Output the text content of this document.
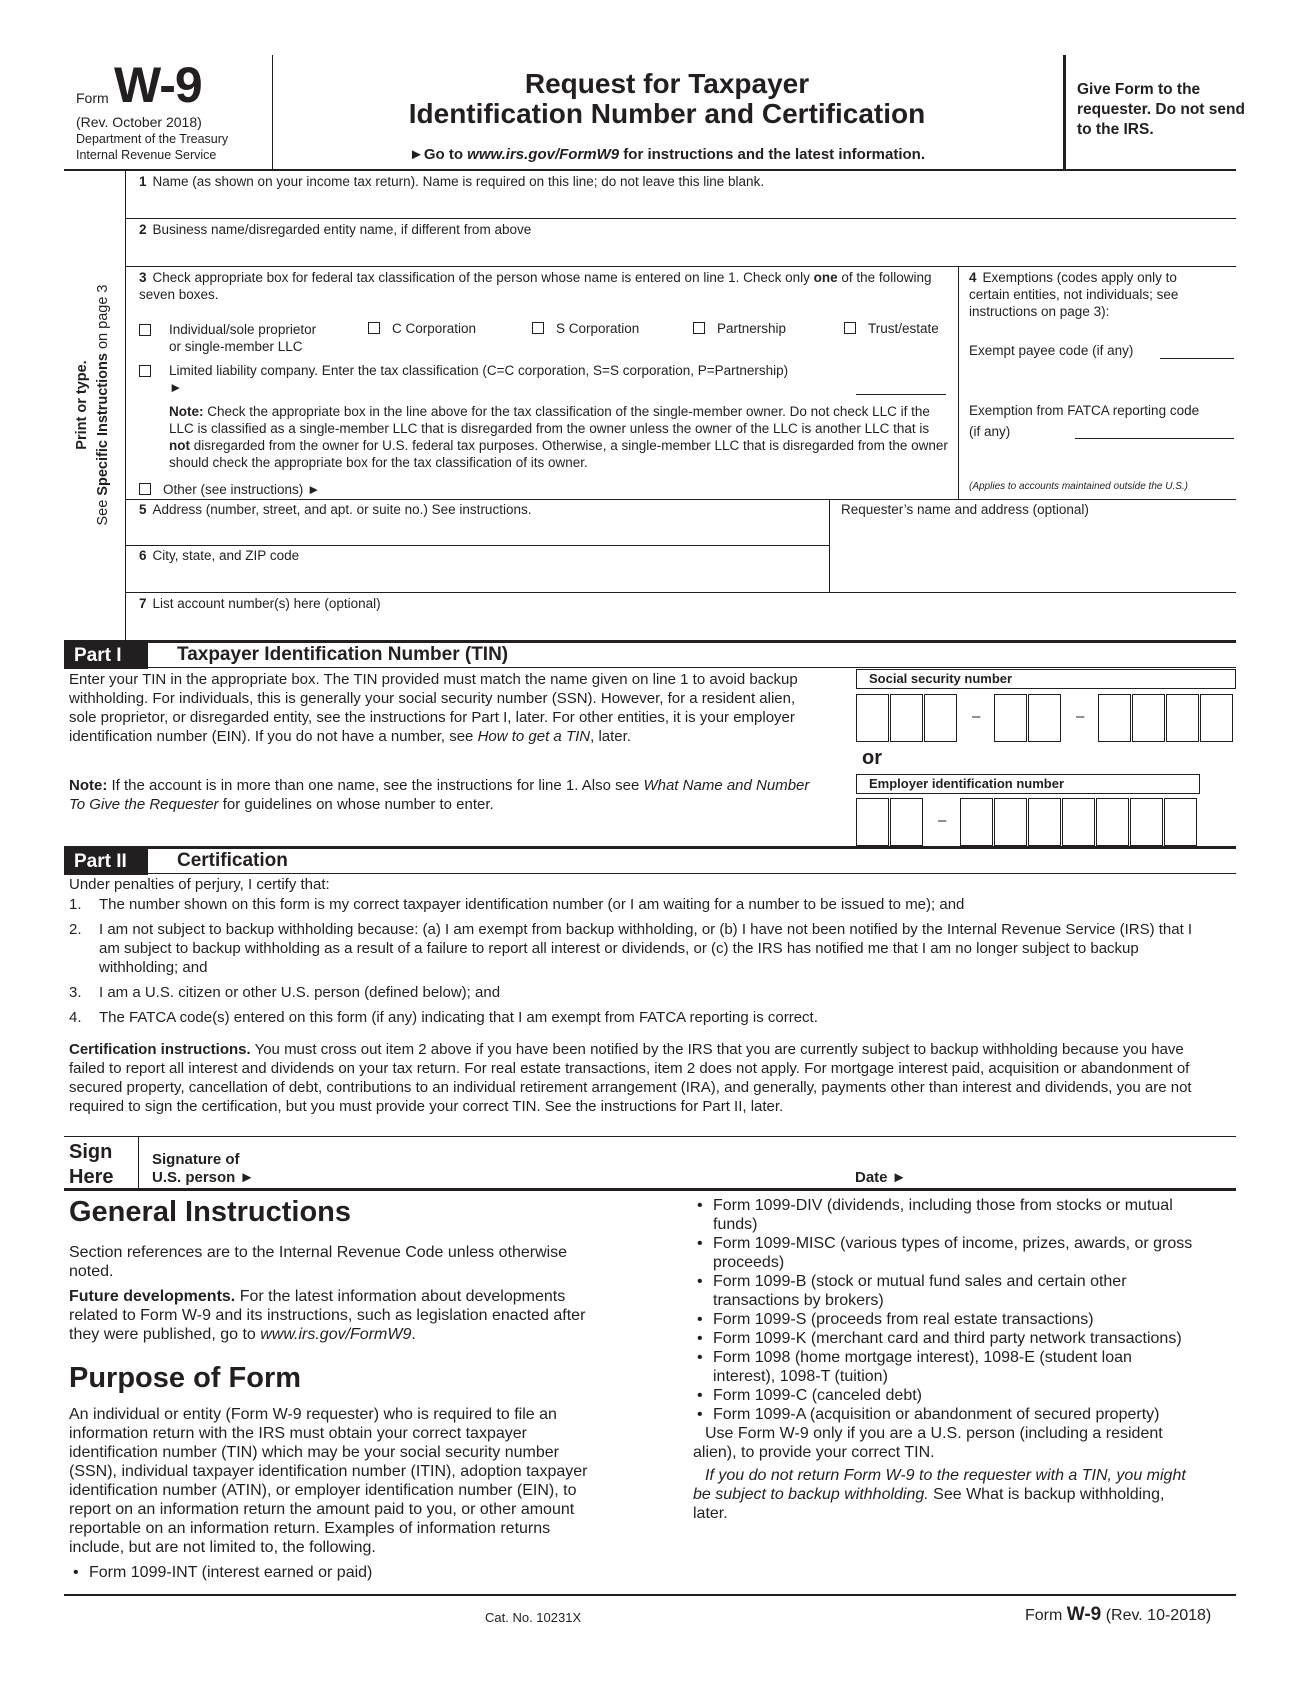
Form W-9
(Rev. October 2018)
Department of the Treasury
Internal Revenue Service
Request for Taxpayer
Identification Number and Certification
►Go to www.irs.gov/FormW9 for instructions and the latest information.
Give Form to the requester. Do not send to the IRS.
Print or type.
See Specific Instructions on page 3
1 Name (as shown on your income tax return). Name is required on this line; do not leave this line blank.
2 Business name/disregarded entity name, if different from above
3 Check appropriate box for federal tax classification of the person whose name is entered on line 1. Check only one of the following seven boxes.
Individual/sole proprietor or single-member LLC
C Corporation	S Corporation	Partnership	Trust/estate
Limited liability company. Enter the tax classification (C=C corporation, S=S corporation, P=Partnership)
►
Note: Check the appropriate box in the line above for the tax classification of the single-member owner. Do not check LLC if the LLC is classified as a single-member LLC that is disregarded from the owner unless the owner of the LLC is another LLC that is not disregarded from the owner for U.S. federal tax purposes. Otherwise, a single-member LLC that is disregarded from the owner should check the appropriate box for the tax classification of its owner.
Other (see instructions) ►
4 Exemptions (codes apply only to certain entities, not individuals; see instructions on page 3):
Exempt payee code (if any)
Exemption from FATCA reporting code (if any)
(Applies to accounts maintained outside the U.S.)
5 Address (number, street, and apt. or suite no.) See instructions.	Requester’s name and address (optional)
6 City, state, and ZIP code
7 List account number(s) here (optional)
Part I	Taxpayer Identification Number (TIN)
Enter your TIN in the appropriate box. The TIN provided must match the name given on line 1 to avoid backup withholding. For individuals, this is generally your social security number (SSN). However, for a resident alien, sole proprietor, or disregarded entity, see the instructions for Part I, later. For other entities, it is your employer identification number (EIN). If you do not have a number, see How to get a TIN, later.
Note: If the account is in more than one name, see the instructions for line 1. Also see What Name and Number To Give the Requester for guidelines on whose number to enter.
Social security number
–	–
or
Employer identification number
–
Part II	Certification
Under penalties of perjury, I certify that:
1. The number shown on this form is my correct taxpayer identification number (or I am waiting for a number to be issued to me); and
2. I am not subject to backup withholding because: (a) I am exempt from backup withholding, or (b) I have not been notified by the Internal Revenue Service (IRS) that I am subject to backup withholding as a result of a failure to report all interest or dividends, or (c) the IRS has notified me that I am no longer subject to backup withholding; and
3. I am a U.S. citizen or other U.S. person (defined below); and
4. The FATCA code(s) entered on this form (if any) indicating that I am exempt from FATCA reporting is correct.
Certification instructions. You must cross out item 2 above if you have been notified by the IRS that you are currently subject to backup withholding because you have failed to report all interest and dividends on your tax return. For real estate transactions, item 2 does not apply. For mortgage interest paid, acquisition or abandonment of secured property, cancellation of debt, contributions to an individual retirement arrangement (IRA), and generally, payments other than interest and dividends, you are not required to sign the certification, but you must provide your correct TIN. See the instructions for Part II, later.
Sign
Here
Signature of
U.S. person ►	Date ►
General Instructions

Section references are to the Internal Revenue Code unless otherwise noted.

Future developments. For the latest information about developments related to Form W-9 and its instructions, such as legislation enacted after they were published, go to www.irs.gov/FormW9.

Purpose of Form

An individual or entity (Form W-9 requester) who is required to file an information return with the IRS must obtain your correct taxpayer identification number (TIN) which may be your social security number (SSN), individual taxpayer identification number (ITIN), adoption taxpayer identification number (ATIN), or employer identification number (EIN), to report on an information return the amount paid to you, or other amount reportable on an information return. Examples of information returns include, but are not limited to, the following.

• Form 1099-INT (interest earned or paid)

• Form 1099-DIV (dividends, including those from stocks or mutual funds)

• Form 1099-MISC (various types of income, prizes, awards, or gross proceeds)

• Form 1099-B (stock or mutual fund sales and certain other transactions by brokers)

• Form 1099-S (proceeds from real estate transactions)

• Form 1099-K (merchant card and third party network transactions)

• Form 1098 (home mortgage interest), 1098-E (student loan interest), 1098-T (tuition)

• Form 1099-C (canceled debt)

• Form 1099-A (acquisition or abandonment of secured property)

Use Form W-9 only if you are a U.S. person (including a resident alien), to provide your correct TIN.

If you do not return Form W-9 to the requester with a TIN, you might be subject to backup withholding. See What is backup withholding, later.

Cat. No. 10231X	Form W-9 (Rev. 10-2018)
